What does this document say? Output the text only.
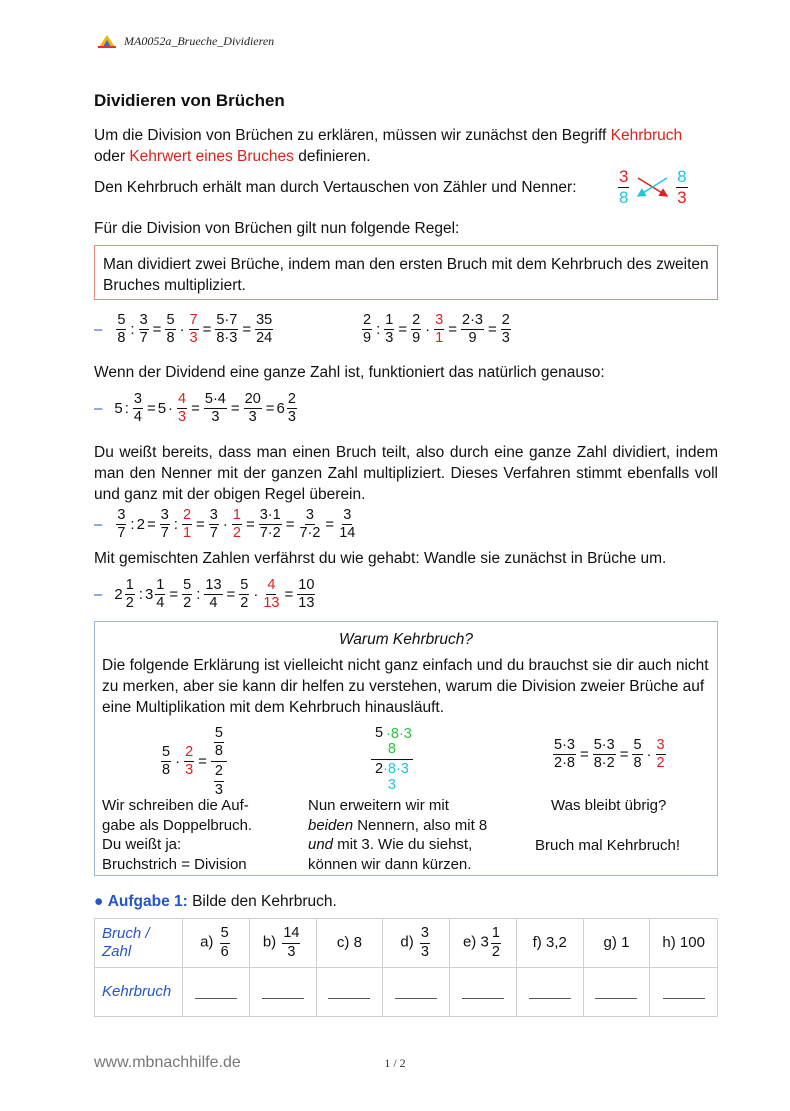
MA0052a_Brueche_Dividieren
Dividieren von Brüchen
Um die Division von Brüchen zu erklären, müssen wir zunächst den Begriff Kehrbruch
oder Kehrwert eines Bruches definieren.
Den Kehrbruch erhält man durch Vertauschen von Zähler und Nenner:	$\frac{3}{8}$
	$\frac{8}{3}$
Für die Division von Brüchen gilt nun folgende Regel:
Man dividiert zwei Brüche, indem man den ersten Bruch mit dem Kehrbruch des zweiten Bruches multipliziert.
– $\frac{5}{8}$ : $\frac{3}{7} = \frac{5}{8} \cdot \frac{7}{3} = \frac{5\cdot 7}{8\cdot 3} = \frac{35}{24}$	$\frac{2}{9}$ : $\frac{1}{3} = \frac{2}{9} \cdot \frac{3}{1} = \frac{2\cdot 3}{9} = \frac{2}{3}$
Wenn der Dividend eine ganze Zahl ist, funktioniert das natürlich genauso:
– 5 : $\frac{3}{4} = 5 \cdot \frac{4}{3} = \frac{5\cdot 4}{3} = \frac{20}{3} = 6 \frac{2}{3}$
Du weißt bereits, dass man einen Bruch teilt, also durch eine ganze Zahl dividiert, indem man den Nenner mit der ganzen Zahl multipliziert. Dieses Verfahren stimmt ebenfalls voll und ganz mit der obigen Regel überein.
– $\frac{3}{7}$ : $2 = \frac{3}{7}$ : $\frac{2}{1} = \frac{3}{7} \cdot \frac{1}{2} = \frac{3\cdot 1}{7\cdot 2} = \frac{3}{7\cdot 2} = \frac{3}{14}$
Mit gemischten Zahlen verfährst du wie gehabt: Wandle sie zunächst in Brüche um.
– $2 \frac{1}{2}$ : $3 \frac{1}{4} = \frac{5}{2}$ : $\frac{13}{4} = \frac{5}{2} \cdot \frac{4}{13} = \frac{10}{13}$
Warum Kehrbruch?
Die folgende Erklärung ist vielleicht nicht ganz einfach und du brauchst sie dir auch nicht zu merken, aber sie kann dir helfen zu verstehen, warum die Division zweier Brüche auf eine Multiplikation mit dem Kehrbruch hinausläuft.
$\frac{5}{8} \cdot \frac{2}{3} = \frac{\frac{5}{8}}{\frac{2}{3}}$	5 ·8·3
8
2·8·3
3
$\frac{5\cdot 3}{2\cdot 8} = \frac{5\cdot 3}{8\cdot 2} = \frac{5}{8} \cdot \frac{3}{2}$
Wir schreiben die Auf-
gabe als Doppelbruch.
Du weißt ja:
Bruchstrich = Division
Nun erweitern wir mit
beiden Nennern, also mit 8
und mit 3. Wie du siehst,
können wir dann kürzen.
Was bleibt übrig?
Bruch mal Kehrbruch!
● Aufgabe 1: Bilde den Kehrbruch.
Bruch /
Zahl	$a) \frac{5}{6}$	$b) \frac{14}{3}$	c) 8	$d) \frac{3}{3}$	e) $3 \frac{1}{2}$	f) 3,2	g) 1	h) 100
Kehrbruch								
www.mbnachhilfe.de	1 / 2
